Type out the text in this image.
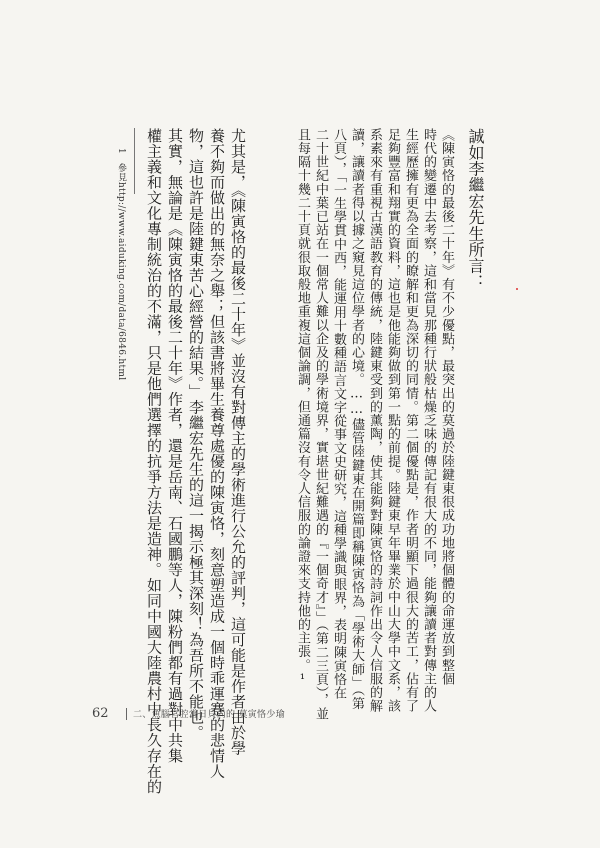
誠如李繼宏先生所言：
《陳寅恪的最後二十年》有不少優點，最突出的莫過於陸鍵東很成功地將個體的命運放到整個
時代的變遷中去考察，這和當見那種行狀般枯燥乏味的傳記有很大的不同，能夠讓讀者對傳主的人
生經歷擁有更為全面的瞭解和更為深切的同情。第二個優點是，作者明顯下過很大的苦工，佔有了
足夠豐富和翔實的資料，這也是他能夠做到第一點的前提。陸鍵東早年畢業於中山大學中文系，該
系素來有重視古漢語教育的傳統，陸鍵東受到的薰陶，使其能夠對陳寅恪的詩詞作出令人信服的解
讀，讓讀者得以據之窺見這位學者的心境。……儘管陸鍵東在開篇即稱陳寅恪為「學術大師」（第
八頁），「一生學貫中西，能運用十數種語言文字從事文史研究，這種學識與眼界，表明陳寅恪在
二十世紀中葉已站在一個常人難以企及的學術境界，實堪世紀難遇的『一個奇才』」（第二三頁），並
且每隔十幾二十頁就很取般地重複這個論調，但通篇沒有令人信服的論證來支持他的主張。¹
尤其是，《陳寅恪的最後二十年》並沒有對傳主的學術進行公允的評判，這可能是作者由於學
養不夠而做出的無奈之舉；但該書將畢生養尊處優的陳寅恪，刻意塑造成一個時乖運蹇的悲情人
物，這也許是陸鍵東苦心經營的結果。」李繼宏先生的這一揭示極其深刻！為吾所不能也。
其實，無論是《陳寅恪的最後二十年》作者，還是岳南、石國鵬等人，陳粉們都有過對中共集
權主義和文化專制統治的不滿，只是他們選擇的抗爭方法是造神。如同中國大陸農村中長久存在的
1　參見http://www.aiduking.com/data/6846.html
62	二、魚腦官腔當日貝尚的 莫寅恪少瑜
